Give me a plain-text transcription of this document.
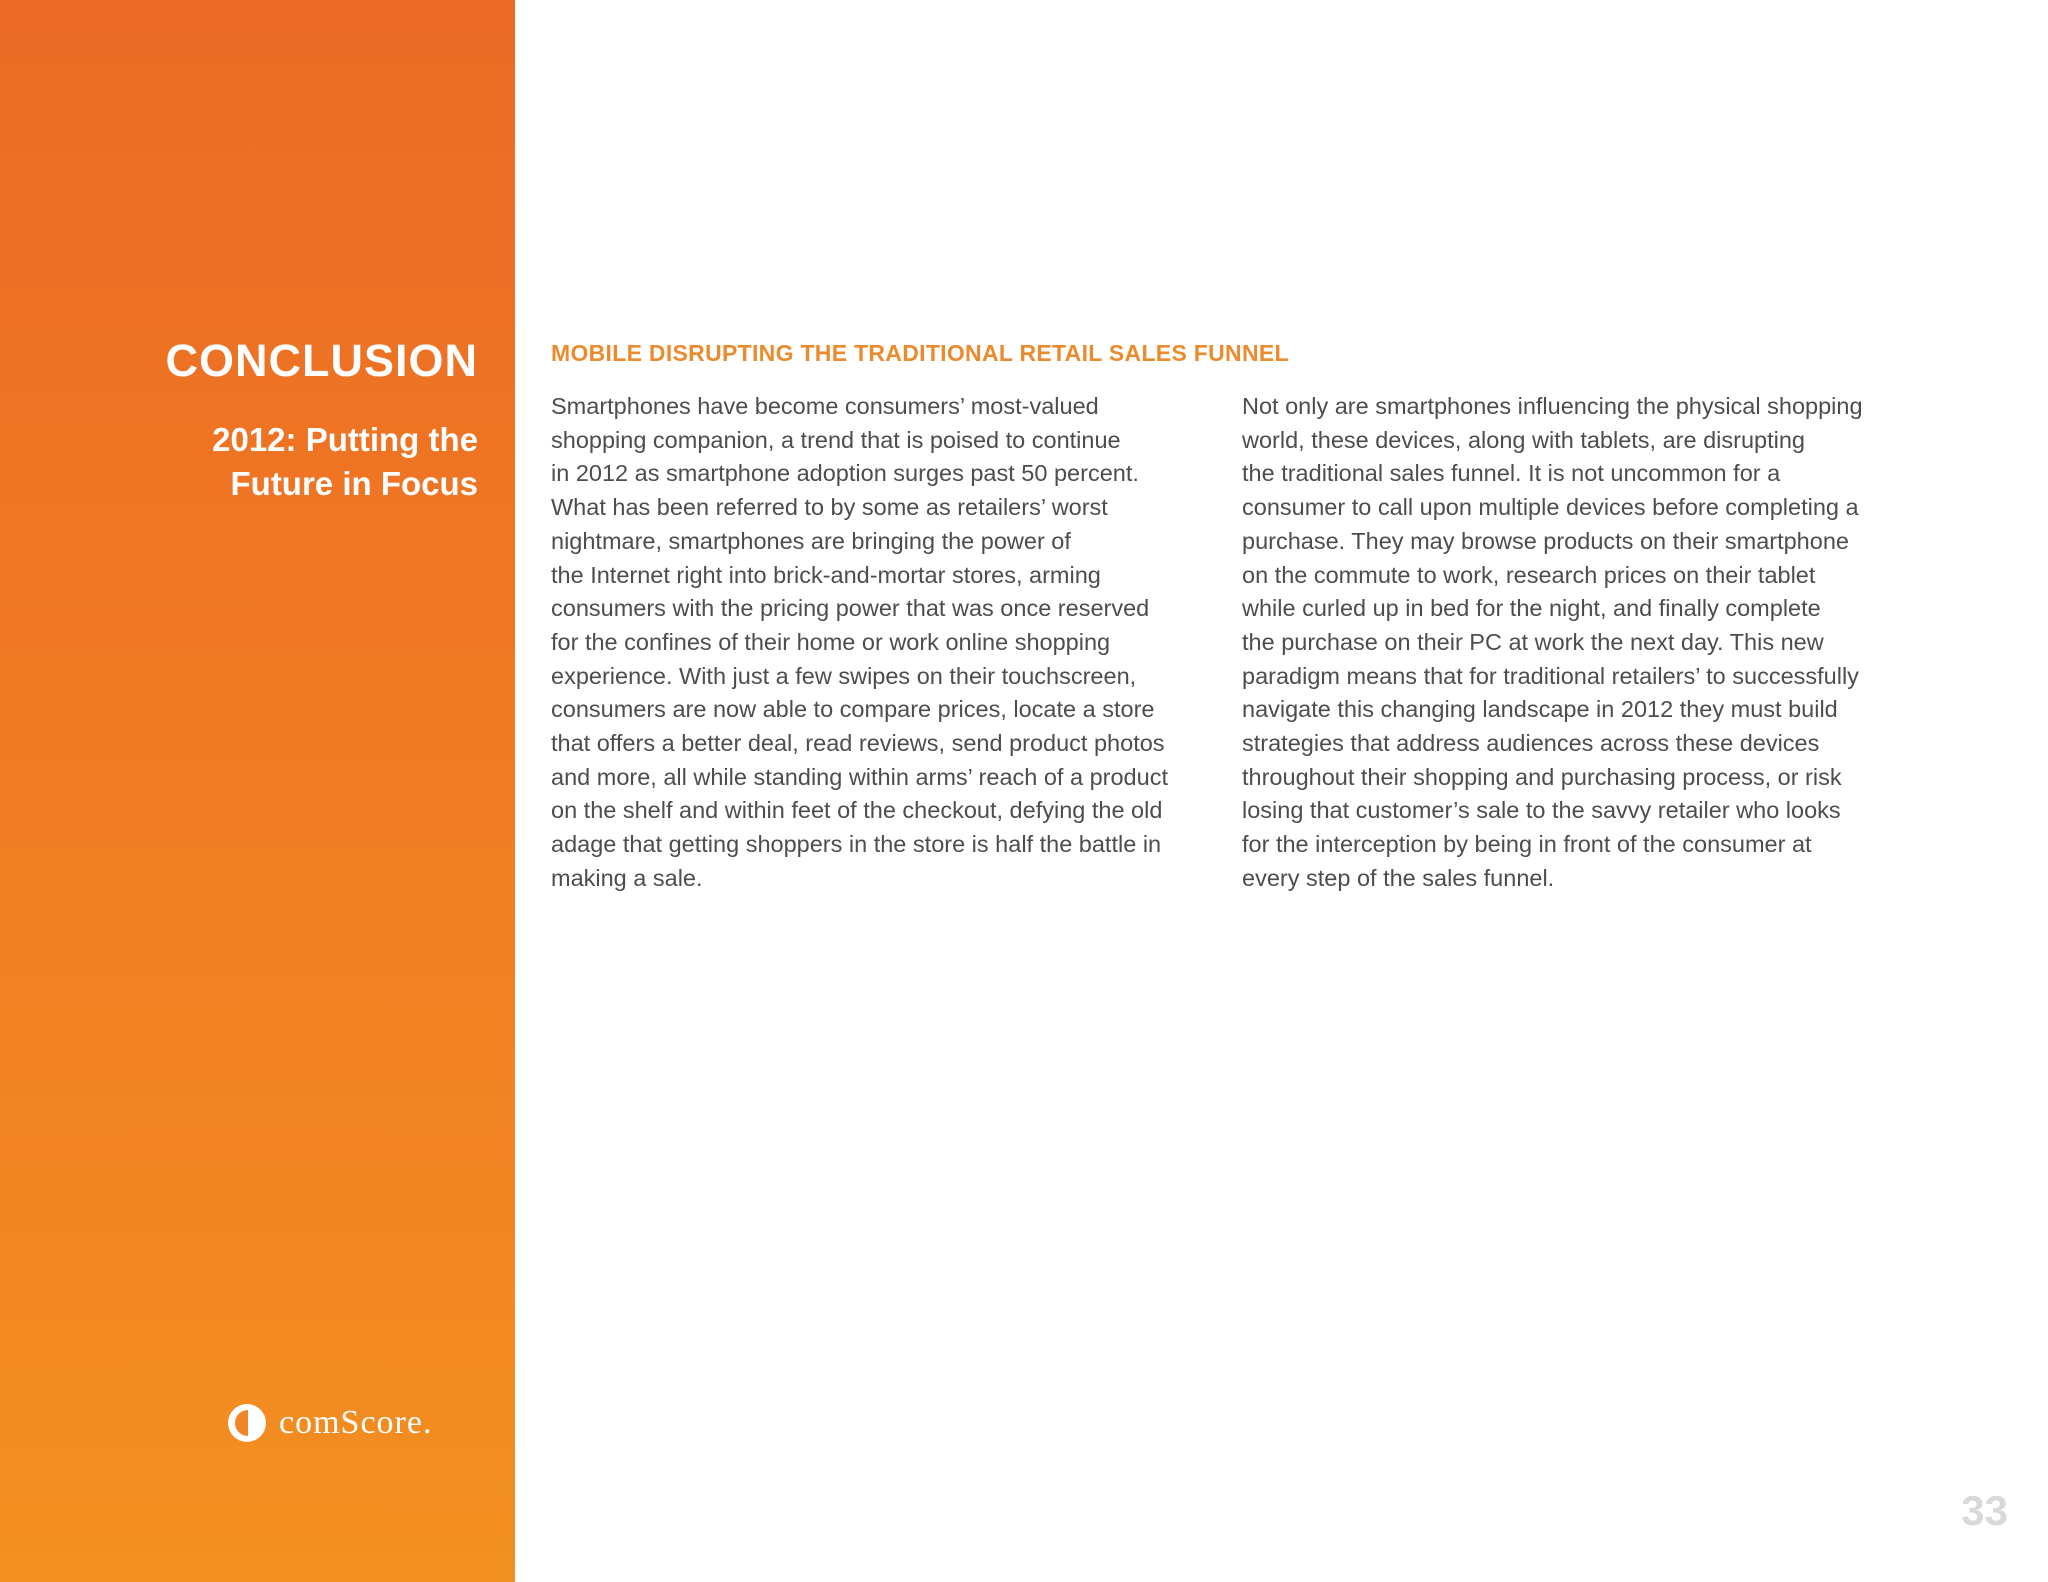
CONCLUSION
2012: Putting the Future in Focus
comScore.
MOBILE DISRUPTING THE TRADITIONAL RETAIL SALES FUNNEL
Smartphones have become consumers’ most-valued
shopping companion, a trend that is poised to continue
in 2012 as smartphone adoption surges past 50 percent.
What has been referred to by some as retailers’ worst
nightmare, smartphones are bringing the power of
the Internet right into brick-and-mortar stores, arming
consumers with the pricing power that was once reserved
for the confines of their home or work online shopping
experience. With just a few swipes on their touchscreen,
consumers are now able to compare prices, locate a store
that offers a better deal, read reviews, send product photos
and more, all while standing within arms’ reach of a product
on the shelf and within feet of the checkout, defying the old
adage that getting shoppers in the store is half the battle in
making a sale.
Not only are smartphones influencing the physical shopping
world, these devices, along with tablets, are disrupting
the traditional sales funnel. It is not uncommon for a
consumer to call upon multiple devices before completing a
purchase. They may browse products on their smartphone
on the commute to work, research prices on their tablet
while curled up in bed for the night, and finally complete
the purchase on their PC at work the next day. This new
paradigm means that for traditional retailers’ to successfully
navigate this changing landscape in 2012 they must build
strategies that address audiences across these devices
throughout their shopping and purchasing process, or risk
losing that customer’s sale to the savvy retailer who looks
for the interception by being in front of the consumer at
every step of the sales funnel.
33
